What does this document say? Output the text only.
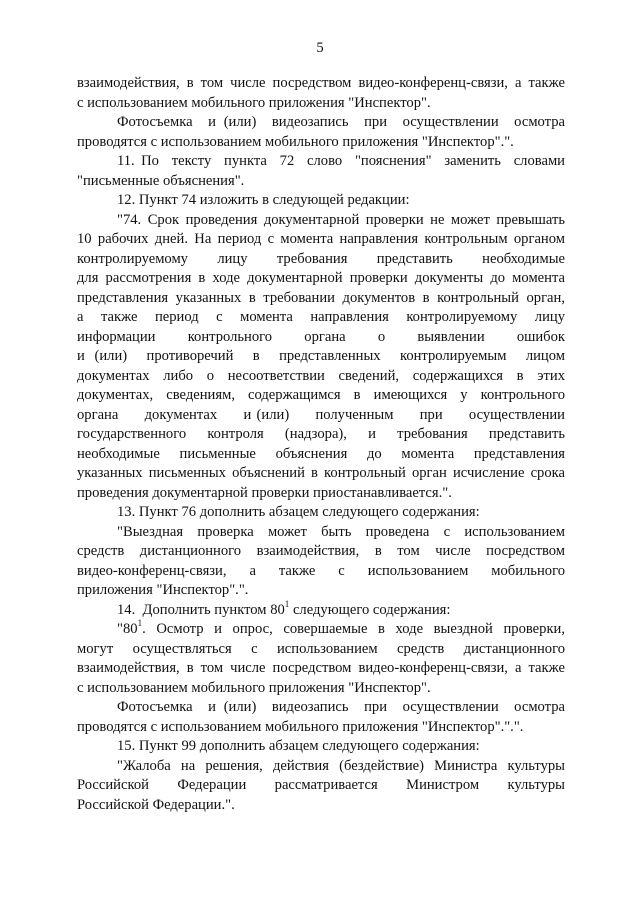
5
взаимодействия, в том числе посредством видео-конференц-связи, а также
с использованием мобильного приложения "Инспектор".
Фотосъемка  и (или)  видеозапись  при  осуществлении  осмотра
проводятся с использованием мобильного приложения "Инспектор".".
11. По  тексту  пункта  72  слово  "пояснения"  заменить  словами
"письменные объяснения".
12. Пункт 74 изложить в следующей редакции:
"74. Срок проведения документарной проверки не может превышать
10 рабочих дней. На период с момента направления контрольным органом
контролируемому      лицу      требования      представить      необходимые
для рассмотрения в ходе документарной проверки документы до момента
представления указанных в требовании документов в контрольный орган,
а  также  период  с  момента  направления  контролируемому  лицу
информации      контрольного      органа      о      выявлении      ошибок
и (или)  противоречий  в  представленных  контролируемым  лицом
документах  либо  о  несоответствии  сведений,  содержащихся  в  этих
документах,  сведениям,  содержащимся  в  имеющихся  у  контрольного
органа     документах     и (или)     полученным     при     осуществлении
государственного   контроля   (надзора),   и   требования   представить
необходимые   письменные   объяснения   до   момента   представления
указанных письменных объяснений в контрольный орган исчисление срока
проведения документарной проверки приостанавливается.".
13. Пункт 76 дополнить абзацем следующего содержания:
"Выездная  проверка  может  быть  проведена  с  использованием
средств   дистанционного   взаимодействия,   в   том   числе   посредством
видео-конференц-связи,    а    также    с    использованием    мобильного
приложения "Инспектор".".
14.  Дополнить пунктом $80^1$ следующего содержания:
"$80^1$.  Осмотр  и  опрос,  совершаемые  в  ходе  выездной  проверки,
могут    осуществляться    с    использованием    средств    дистанционного
взаимодействия, в том числе посредством видео-конференц-связи, а также
с использованием мобильного приложения "Инспектор".
Фотосъемка  и (или)  видеозапись  при  осуществлении  осмотра
проводятся с использованием мобильного приложения "Инспектор".".".
15. Пункт 99 дополнить абзацем следующего содержания:
"Жалоба  на  решения,  действия  (бездействие)  Министра  культуры
Российской      Федерации      рассматривается      Министром      культуры
Российской Федерации.".
